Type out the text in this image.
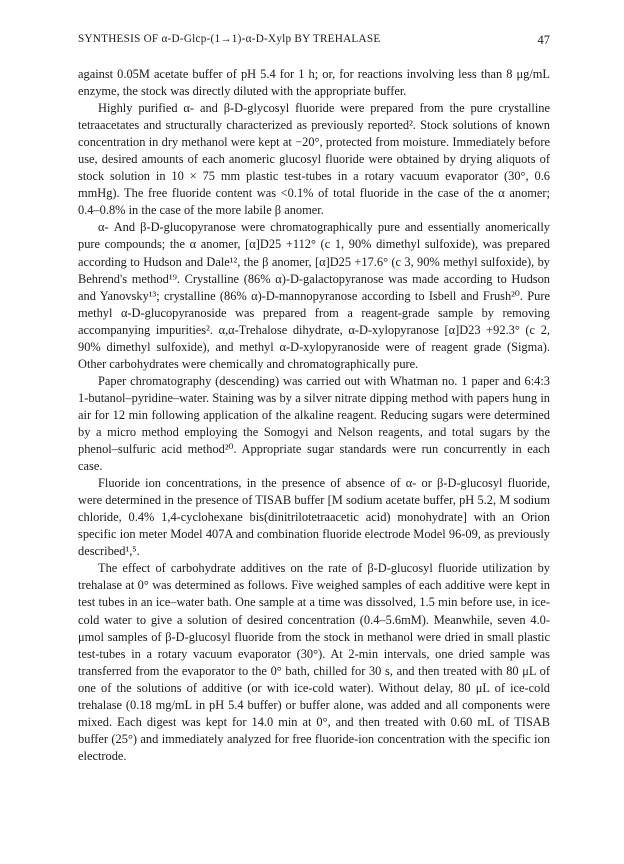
SYNTHESIS OF α-D-Glcp-(1→1)-α-D-Xylp BY TREHALASE	47

against 0.05M acetate buffer of pH 5.4 for 1 h; or, for reactions involving less than 8 μg/mL enzyme, the stock was directly diluted with the appropriate buffer.

Highly purified α- and β-D-glycosyl fluoride were prepared from the pure crystalline tetraacetates and structurally characterized as previously reported². Stock solutions of known concentration in dry methanol were kept at −20°, protected from moisture. Immediately before use, desired amounts of each anomeric glucosyl fluoride were obtained by drying aliquots of stock solution in 10 × 75 mm plastic test-tubes in a rotary vacuum evaporator (30°, 0.6 mmHg). The free fluoride content was <0.1% of total fluoride in the case of the α anomer; 0.4–0.8% in the case of the more labile β anomer.

α- And β-D-glucopyranose were chromatographically pure and essentially anomerically pure compounds; the α anomer, [α]D25 +112° (c 1, 90% dimethyl sulfoxide), was prepared according to Hudson and Dale¹², the β anomer, [α]D25 +17.6° (c 3, 90% methyl sulfoxide), by Behrend's method¹⁹. Crystalline (86% α)-D-galactopyranose was made according to Hudson and Yanovsky¹³; crystalline (86% α)-D-mannopyranose according to Isbell and Frush²⁰. Pure methyl α-D-glucopyranoside was prepared from a reagent-grade sample by removing accompanying impurities². α,α-Trehalose dihydrate, α-D-xylopyranose [α]D23 +92.3° (c 2, 90% dimethyl sulfoxide), and methyl α-D-xylopyranoside were of reagent grade (Sigma). Other carbohydrates were chemically and chromatographically pure.

Paper chromatography (descending) was carried out with Whatman no. 1 paper and 6:4:3 1-butanol–pyridine–water. Staining was by a silver nitrate dipping method with papers hung in air for 12 min following application of the alkaline reagent. Reducing sugars were determined by a micro method employing the Somogyi and Nelson reagents, and total sugars by the phenol–sulfuric acid method²⁰. Appropriate sugar standards were run concurrently in each case.

Fluoride ion concentrations, in the presence of absence of α- or β-D-glucosyl fluoride, were determined in the presence of TISAB buffer [M sodium acetate buffer, pH 5.2, M sodium chloride, 0.4% 1,4-cyclohexane bis(dinitrilotetraacetic acid) monohydrate] with an Orion specific ion meter Model 407A and combination fluoride electrode Model 96-09, as previously described¹,⁵.

The effect of carbohydrate additives on the rate of β-D-glucosyl fluoride utilization by trehalase at 0° was determined as follows. Five weighed samples of each additive were kept in test tubes in an ice–water bath. One sample at a time was dissolved, 1.5 min before use, in ice-cold water to give a solution of desired concentration (0.4–5.6mM). Meanwhile, seven 4.0-μmol samples of β-D-glucosyl fluoride from the stock in methanol were dried in small plastic test-tubes in a rotary vacuum evaporator (30°). At 2-min intervals, one dried sample was transferred from the evaporator to the 0° bath, chilled for 30 s, and then treated with 80 μL of one of the solutions of additive (or with ice-cold water). Without delay, 80 μL of ice-cold trehalase (0.18 mg/mL in pH 5.4 buffer) or buffer alone, was added and all components were mixed. Each digest was kept for 14.0 min at 0°, and then treated with 0.60 mL of TISAB buffer (25°) and immediately analyzed for free fluoride-ion concentration with the specific ion electrode.
